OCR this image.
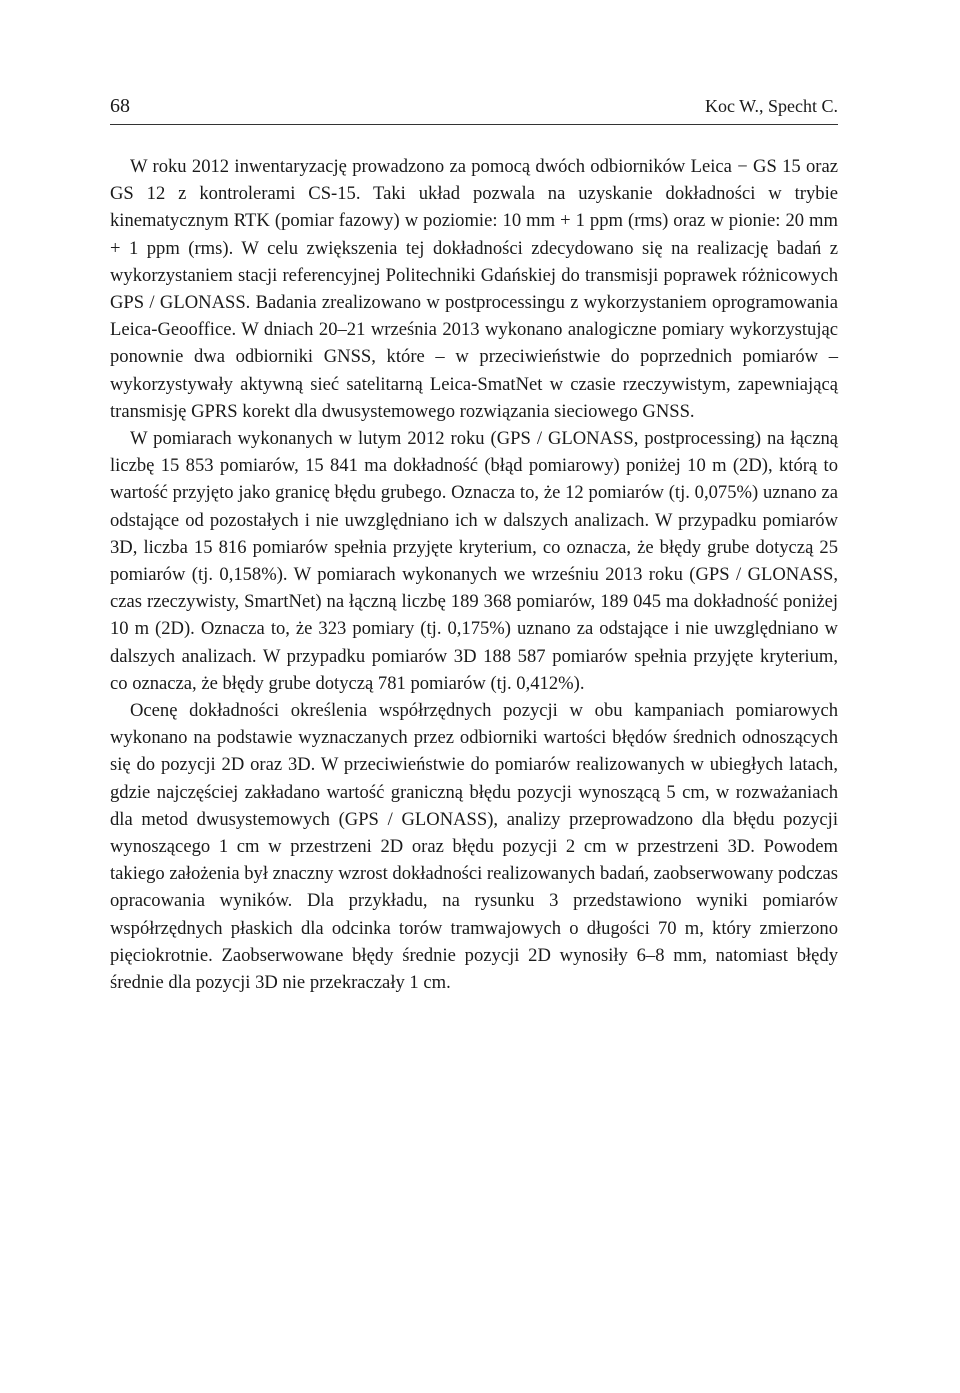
68	Koc W., Specht C.

W roku 2012 inwentaryzację prowadzono za pomocą dwóch odbiorników Leica − GS 15 oraz GS 12 z kontrolerami CS-15. Taki układ pozwala na uzyskanie dokładności w trybie kinematycznym RTK (pomiar fazowy) w poziomie: 10 mm + 1 ppm (rms) oraz w pionie: 20 mm + 1 ppm (rms). W celu zwiększenia tej dokładności zdecydowano się na realizację badań z wykorzystaniem stacji referencyjnej Politechniki Gdańskiej do transmisji poprawek różnicowych GPS / GLONASS. Badania zrealizowano w postprocessingu z wykorzystaniem oprogramowania Leica-Geooffice. W dniach 20–21 września 2013 wykonano analogiczne pomiary wykorzystując ponownie dwa odbiorniki GNSS, które – w przeciwieństwie do poprzednich pomiarów – wykorzystywały aktywną sieć satelitarną Leica-SmatNet w czasie rzeczywistym, zapewniającą transmisję GPRS korekt dla dwusystemowego rozwiązania sieciowego GNSS.

W pomiarach wykonanych w lutym 2012 roku (GPS / GLONASS, postprocessing) na łączną liczbę 15 853 pomiarów, 15 841 ma dokładność (błąd pomiarowy) poniżej 10 m (2D), którą to wartość przyjęto jako granicę błędu grubego. Oznacza to, że 12 pomiarów (tj. 0,075%) uznano za odstające od pozostałych i nie uwzględniano ich w dalszych analizach. W przypadku pomiarów 3D, liczba 15 816 pomiarów spełnia przyjęte kryterium, co oznacza, że błędy grube dotyczą 25 pomiarów (tj. 0,158%). W pomiarach wykonanych we wrześniu 2013 roku (GPS / GLONASS, czas rzeczywisty, SmartNet) na łączną liczbę 189 368 pomiarów, 189 045 ma dokładność poniżej 10 m (2D). Oznacza to, że 323 pomiary (tj. 0,175%) uznano za odstające i nie uwzględniano w dalszych analizach. W przypadku pomiarów 3D 188 587 pomiarów spełnia przyjęte kryterium, co oznacza, że błędy grube dotyczą 781 pomiarów (tj. 0,412%).

Ocenę dokładności określenia współrzędnych pozycji w obu kampaniach pomiarowych wykonano na podstawie wyznaczanych przez odbiorniki wartości błędów średnich odnoszących się do pozycji 2D oraz 3D. W przeciwieństwie do pomiarów realizowanych w ubiegłych latach, gdzie najczęściej zakładano wartość graniczną błędu pozycji wynoszącą 5 cm, w rozważaniach dla metod dwusystemowych (GPS / GLONASS), analizy przeprowadzono dla błędu pozycji wynoszącego 1 cm w przestrzeni 2D oraz błędu pozycji 2 cm w przestrzeni 3D. Powodem takiego założenia był znaczny wzrost dokładności realizowanych badań, zaobserwowany podczas opracowania wyników. Dla przykładu, na rysunku 3 przedstawiono wyniki pomiarów współrzędnych płaskich dla odcinka torów tramwajowych o długości 70 m, który zmierzono pięciokrotnie. Zaobserwowane błędy średnie pozycji 2D wynosiły 6–8 mm, natomiast błędy średnie dla pozycji 3D nie przekraczały 1 cm.
